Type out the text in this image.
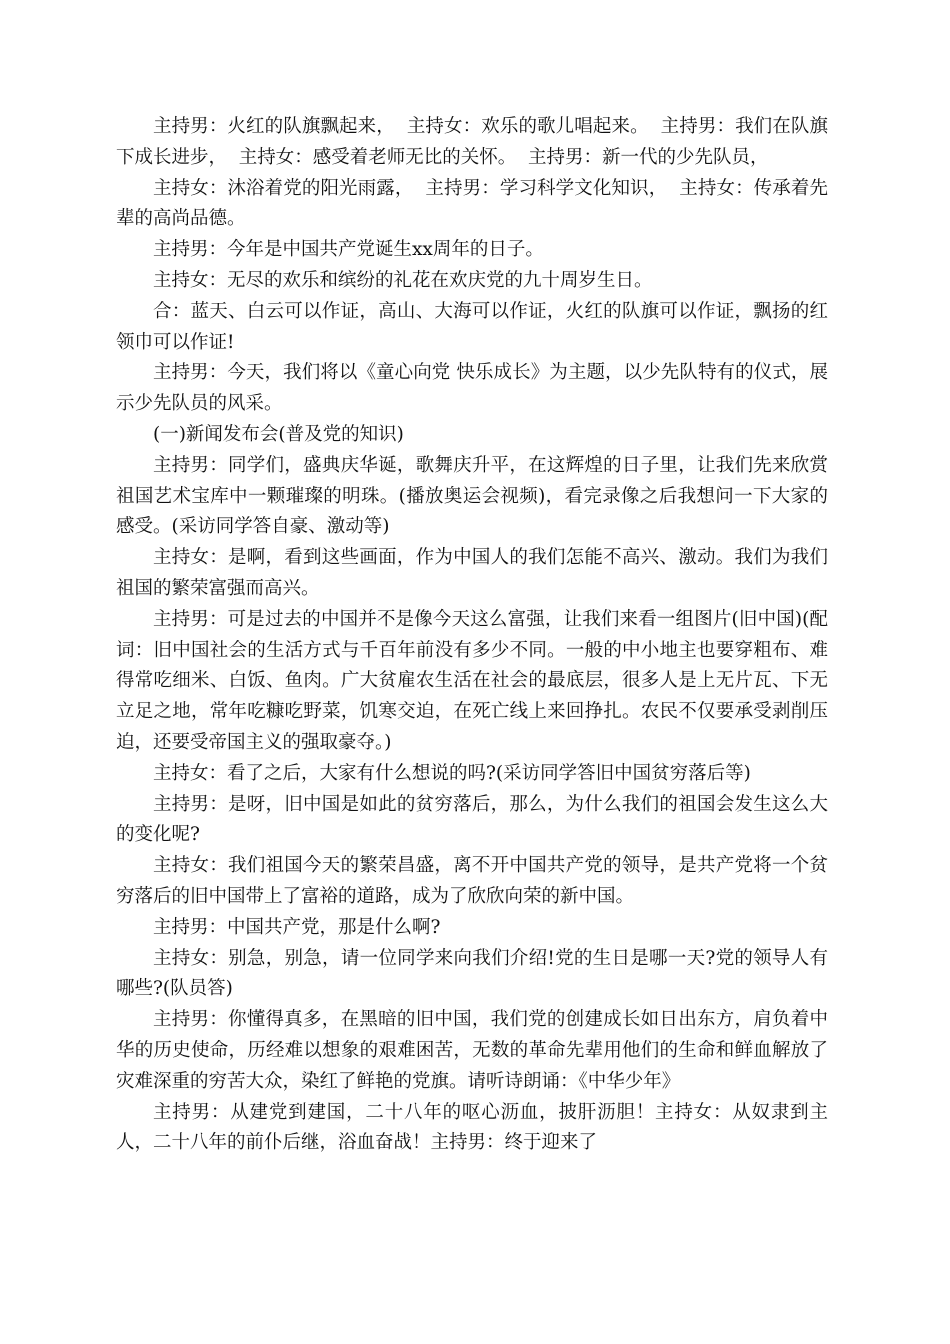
主持男：火红的队旗飘起来，  主持女：欢乐的歌儿唱起来。  主持男：我们在队旗下成长进步，  主持女：感受着老师无比的关怀。  主持男：新一代的少先队员，

主持女：沐浴着党的阳光雨露，  主持男：学习科学文化知识，  主持女：传承着先辈的高尚品德。

主持男：今年是中国共产党诞生xx周年的日子。

主持女：无尽的欢乐和缤纷的礼花在欢庆党的九十周岁生日。

合：蓝天、白云可以作证，高山、大海可以作证，火红的队旗可以作证，飘扬的红领巾可以作证!

主持男：今天，我们将以《童心向党 快乐成长》为主题，以少先队特有的仪式，展示少先队员的风采。

(一)新闻发布会(普及党的知识)

主持男：同学们，盛典庆华诞，歌舞庆升平，在这辉煌的日子里，让我们先来欣赏祖国艺术宝库中一颗璀璨的明珠。(播放奥运会视频)，看完录像之后我想问一下大家的感受。(采访同学答自豪、激动等)

主持女：是啊，看到这些画面，作为中国人的我们怎能不高兴、激动。我们为我们祖国的繁荣富强而高兴。

主持男：可是过去的中国并不是像今天这么富强，让我们来看一组图片(旧中国)(配词：旧中国社会的生活方式与千百年前没有多少不同。一般的中小地主也要穿粗布、难得常吃细米、白饭、鱼肉。广大贫雇农生活在社会的最底层，很多人是上无片瓦、下无立足之地，常年吃糠吃野菜，饥寒交迫，在死亡线上来回挣扎。农民不仅要承受剥削压迫，还要受帝国主义的强取豪夺。)

主持女：看了之后，大家有什么想说的吗?(采访同学答旧中国贫穷落后等)

主持男：是呀，旧中国是如此的贫穷落后，那么，为什么我们的祖国会发生这么大的变化呢?

主持女：我们祖国今天的繁荣昌盛，离不开中国共产党的领导，是共产党将一个贫穷落后的旧中国带上了富裕的道路，成为了欣欣向荣的新中国。

主持男：中国共产党，那是什么啊?

主持女：别急，别急，请一位同学来向我们介绍!党的生日是哪一天?党的领导人有哪些?(队员答)

主持男：你懂得真多，在黑暗的旧中国，我们党的创建成长如日出东方，肩负着中华的历史使命，历经难以想象的艰难困苦，无数的革命先辈用他们的生命和鲜血解放了灾难深重的穷苦大众，染红了鲜艳的党旗。请听诗朗诵：《中华少年》

主持男：从建党到建国，二十八年的呕心沥血，披肝沥胆！主持女：从奴隶到主人，二十八年的前仆后继，浴血奋战！主持男：终于迎来了
